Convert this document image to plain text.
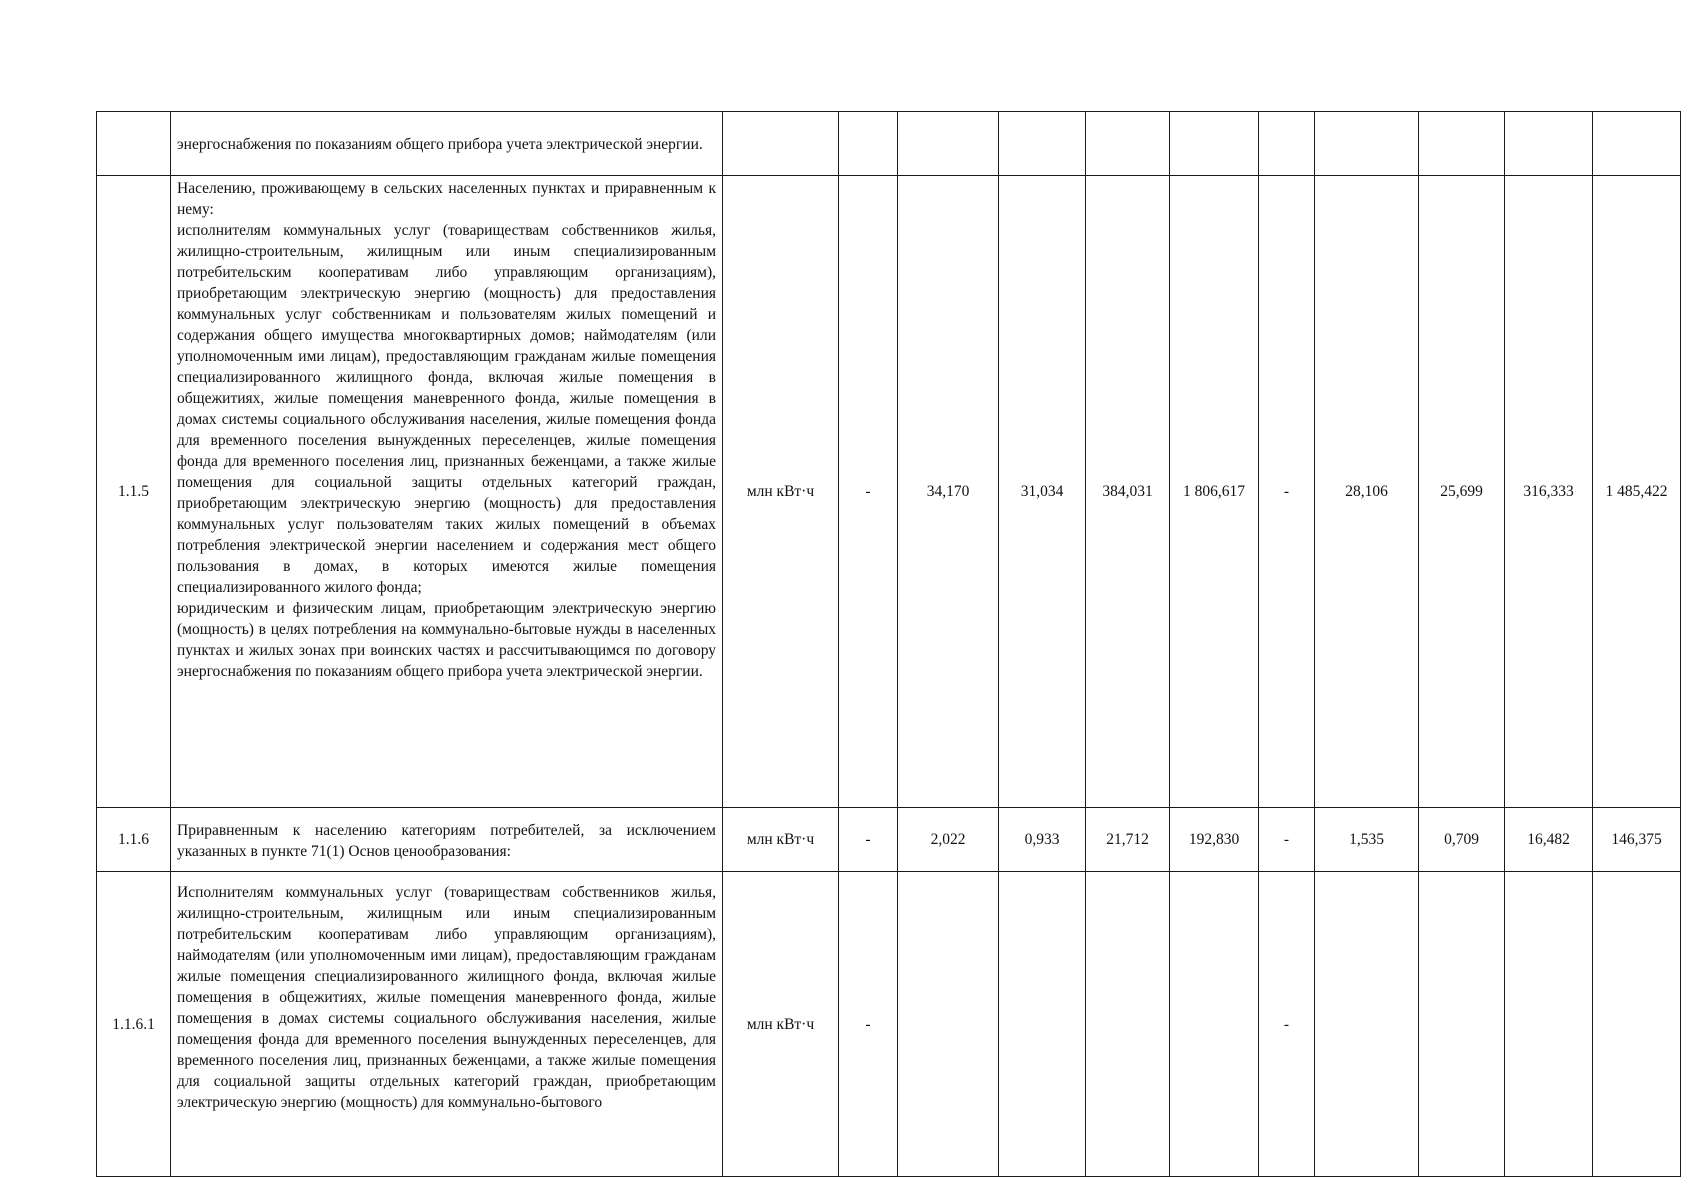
	энергоснабжения по показаниям общего прибора учета электрической энергии.											

1.1.5	Населению, проживающему в сельских населенных пунктах и приравненным к нему:

исполнителям коммунальных услуг (товариществам собственников жилья, жилищно-строительным, жилищным или иным специализированным потребительским кооперативам либо управляющим организациям), приобретающим электрическую энергию (мощность) для предоставления коммунальных услуг собственникам и пользователям жилых помещений и содержания общего имущества многоквартирных домов; наймодателям (или уполномоченным ими лицам), предоставляющим гражданам жилые помещения специализированного жилищного фонда, включая жилые помещения в общежитиях, жилые помещения маневренного фонда, жилые помещения в домах системы социального обслуживания населения, жилые помещения фонда для временного поселения вынужденных переселенцев, жилые помещения фонда для временного поселения лиц, признанных беженцами, а также жилые помещения для социальной защиты отдельных категорий граждан, приобретающим электрическую энергию (мощность) для предоставления коммунальных услуг пользователям таких жилых помещений в объемах потребления электрической энергии населением и содержания мест общего пользования в домах, в которых имеются жилые помещения специализированного жилого фонда;

юридическим и физическим лицам, приобретающим электрическую энергию (мощность) в целях потребления на коммунально-бытовые нужды в населенных пунктах и жилых зонах при воинских частях и рассчитывающимся по договору энергоснабжения по показаниям общего прибора учета электрической энергии.	млн кВт·ч	-	34,170	31,034	384,031	1 806,617	-	28,106	25,699	316,333	1 485,422
1.1.6	Приравненным к населению категориям потребителей, за исключением указанных в пункте 71(1) Основ ценообразования:	млн кВт·ч	-	2,022	0,933	21,712	192,830	-	1,535	0,709	16,482	146,375
1.1.6.1	Исполнителям коммунальных услуг (товариществам собственников жилья, жилищно-строительным, жилищным или иным специализированным потребительским кооперативам либо управляющим организациям), наймодателям (или уполномоченным ими лицам), предоставляющим гражданам жилые помещения специализированного жилищного фонда, включая жилые помещения в общежитиях, жилые помещения маневренного фонда, жилые помещения в домах системы социального обслуживания населения, жилые помещения фонда для временного поселения вынужденных переселенцев, для временного поселения лиц, признанных беженцами, а также жилые помещения для социальной защиты отдельных категорий граждан, приобретающим электрическую энергию (мощность) для коммунально-бытового	млн кВт·ч	-					-				
